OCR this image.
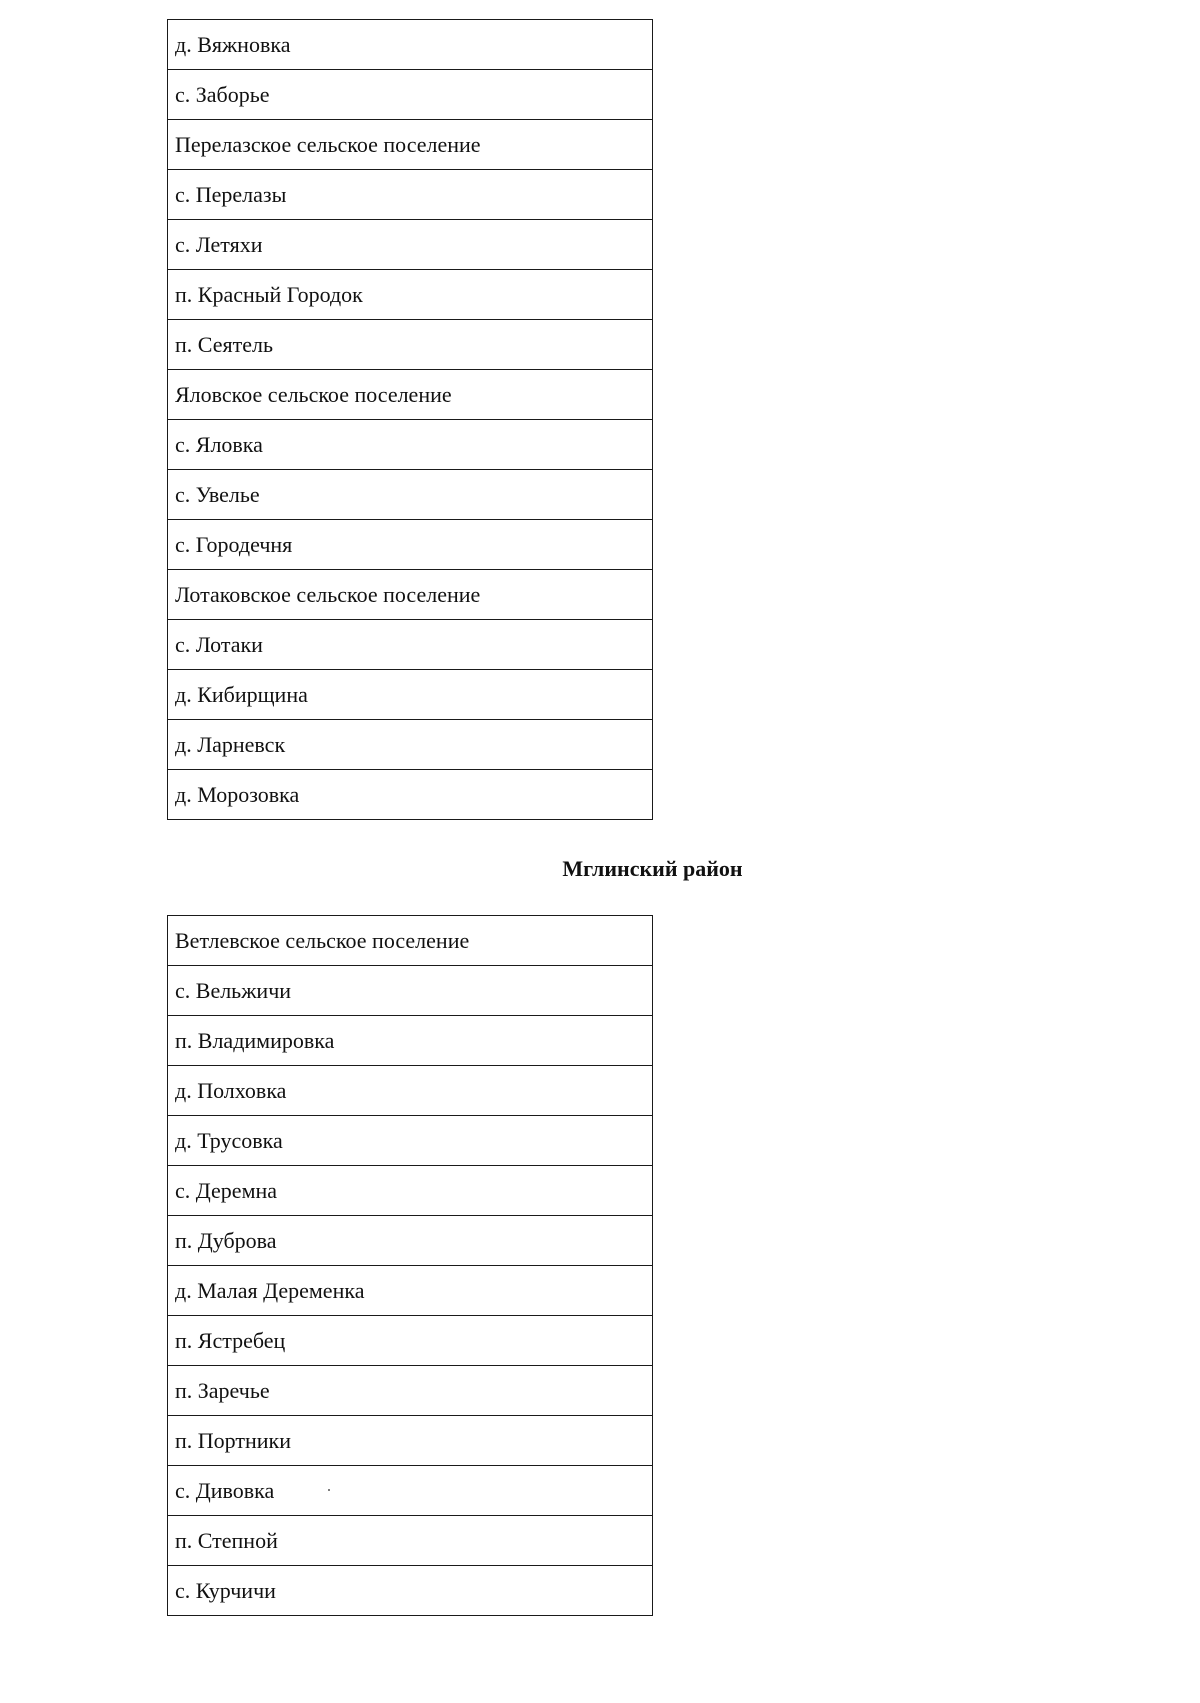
д. Вяжновка
с. Заборье
Перелазское сельское поселение
с. Перелазы
с. Летяхи
п. Красный Городок
п. Сеятель
Яловское сельское поселение
с. Яловка
с. Увелье
с. Городечня
Лотаковское сельское поселение
с. Лотаки
д. Кибирщина
д. Ларневск
д. Морозовка
Мглинский район
Ветлевское сельское поселение
с. Вельжичи
п. Владимировка
д. Полховка
д. Трусовка
с. Деремна
п. Дуброва
д. Малая Деременка
п. Ястребец
п. Заречье
п. Портники
с. Дивовка
п. Степной
с. Курчичи
